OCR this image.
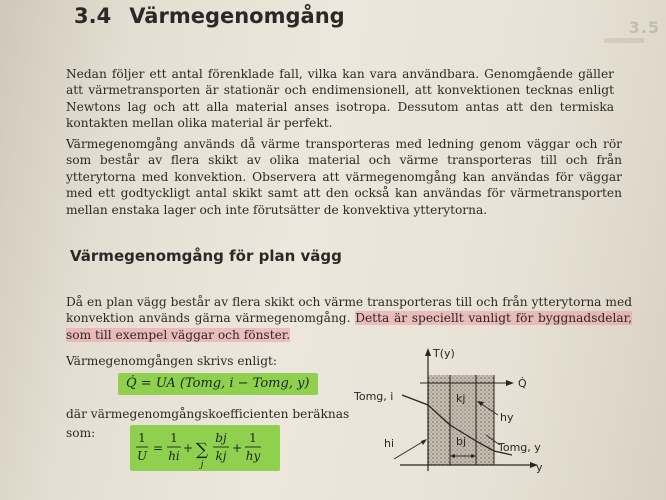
3.5
3.4 Värmegenomgång
Nedan följer ett antal förenklade fall, vilka kan vara användbara. Genomgående gäller att värmetransporten är stationär och endimensionell, att konvektionen tecknas enligt Newtons lag och att alla material anses isotropa. Dessutom antas att den termiska kontakten mellan olika material är perfekt.
Värmegenomgång används då värme transporteras med ledning genom väggar och rör som består av flera skikt av olika material och värme transporteras till och från ytterytorna med konvektion. Observera att värmegenomgång kan användas för väggar med ett godtyckligt antal skikt samt att den också kan användas för värmetransporten mellan enstaka lager och inte förutsätter de konvektiva ytterytorna.
Värmegenomgång för plan vägg
Då en plan vägg består av flera skikt och värme transporteras till och från ytterytorna med konvektion används gärna värmegenomgång. Detta är speciellt vanligt för byggnadsdelar, som till exempel väggar och fönster.
Värmegenomgången skrivs enligt:
Q̇ = UA (Tomg, i − Tomg, y)
där värmegenomgångskoefficienten beräknas
som:	1
U
=
1
hi
+ ∑
j
bj
kj
+
1
hy
T(y)
Q̇
Tomg, i	kj
hy
bj	Tomg, y
hi
y
